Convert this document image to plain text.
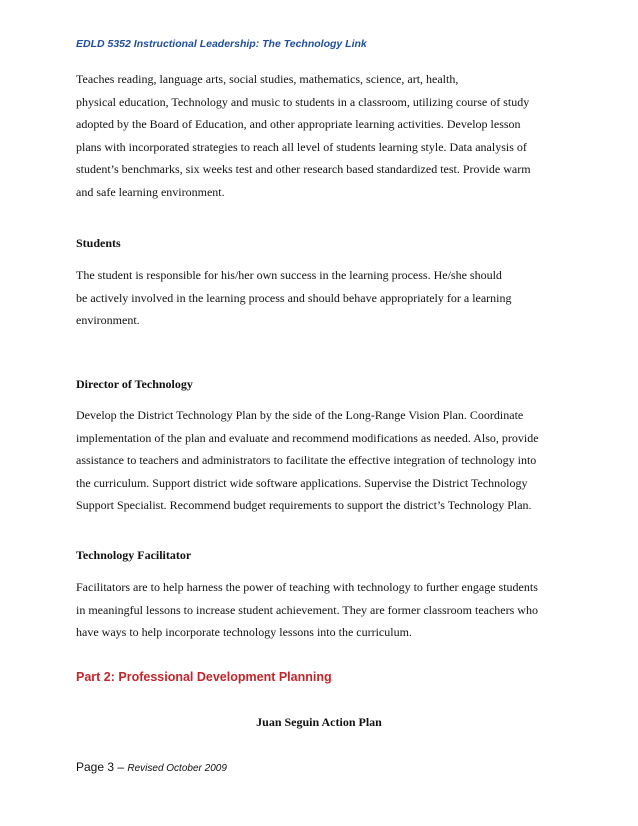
EDLD 5352 Instructional Leadership: The Technology Link
Teaches reading, language arts, social studies, mathematics, science, art, health,
physical education, Technology and music to students in a classroom, utilizing course of study
adopted by the Board of Education, and other appropriate learning activities. Develop lesson
plans with incorporated strategies to reach all level of students learning style. Data analysis of
student’s benchmarks, six weeks test and other research based standardized test. Provide warm
and safe learning environment.
Students
The student is responsible for his/her own success in the learning process. He/she should
be actively involved in the learning process and should behave appropriately for a learning
environment.
Director of Technology
Develop the District Technology Plan by the side of the Long-Range Vision Plan. Coordinate
implementation of the plan and evaluate and recommend modifications as needed. Also, provide
assistance to teachers and administrators to facilitate the effective integration of technology into
the curriculum. Support district wide software applications. Supervise the District Technology
Support Specialist. Recommend budget requirements to support the district’s Technology Plan.
Technology Facilitator
Facilitators are to help harness the power of teaching with technology to further engage students
in meaningful lessons to increase student achievement. They are former classroom teachers who
have ways to help incorporate technology lessons into the curriculum.
Part 2: Professional Development Planning
Juan Seguin Action Plan
Page 3 – Revised October 2009
